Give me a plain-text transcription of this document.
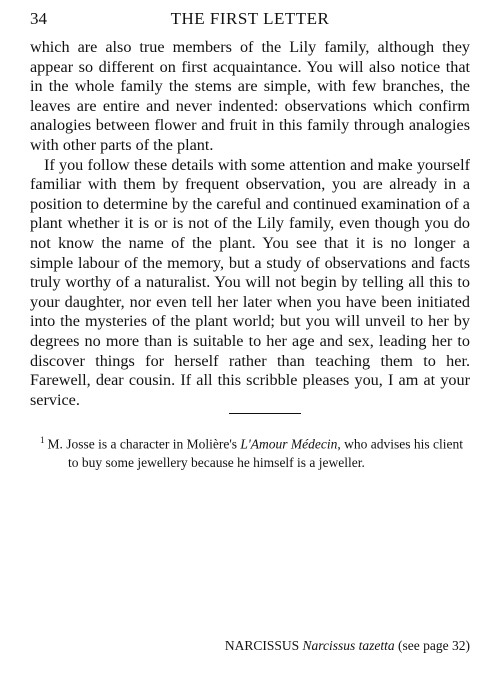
34	THE FIRST LETTER

which are also true members of the Lily family, although they appear so different on first acquaintance. You will also notice that in the whole family the stems are simple, with few branches, the leaves are entire and never indented: observations which confirm analogies between flower and fruit in this family through analogies with other parts of the plant.

If you follow these details with some attention and make yourself familiar with them by frequent observation, you are already in a position to determine by the careful and continued examination of a plant whether it is or is not of the Lily family, even though you do not know the name of the plant. You see that it is no longer a simple labour of the memory, but a study of observations and facts truly worthy of a naturalist. You will not begin by telling all this to your daughter, nor even tell her later when you have been initiated into the mysteries of the plant world; but you will unveil to her by degrees no more than is suitable to her age and sex, leading her to discover things for herself rather than teaching them to her. Farewell, dear cousin. If all this scribble pleases you, I am at your service.

$^1$ M. Josse is a character in Molière's L'Amour Médecin, who advises his client
to buy some jewellery because he himself is a jeweller.
NARCISSUS Narcissus tazetta (see page 32)
